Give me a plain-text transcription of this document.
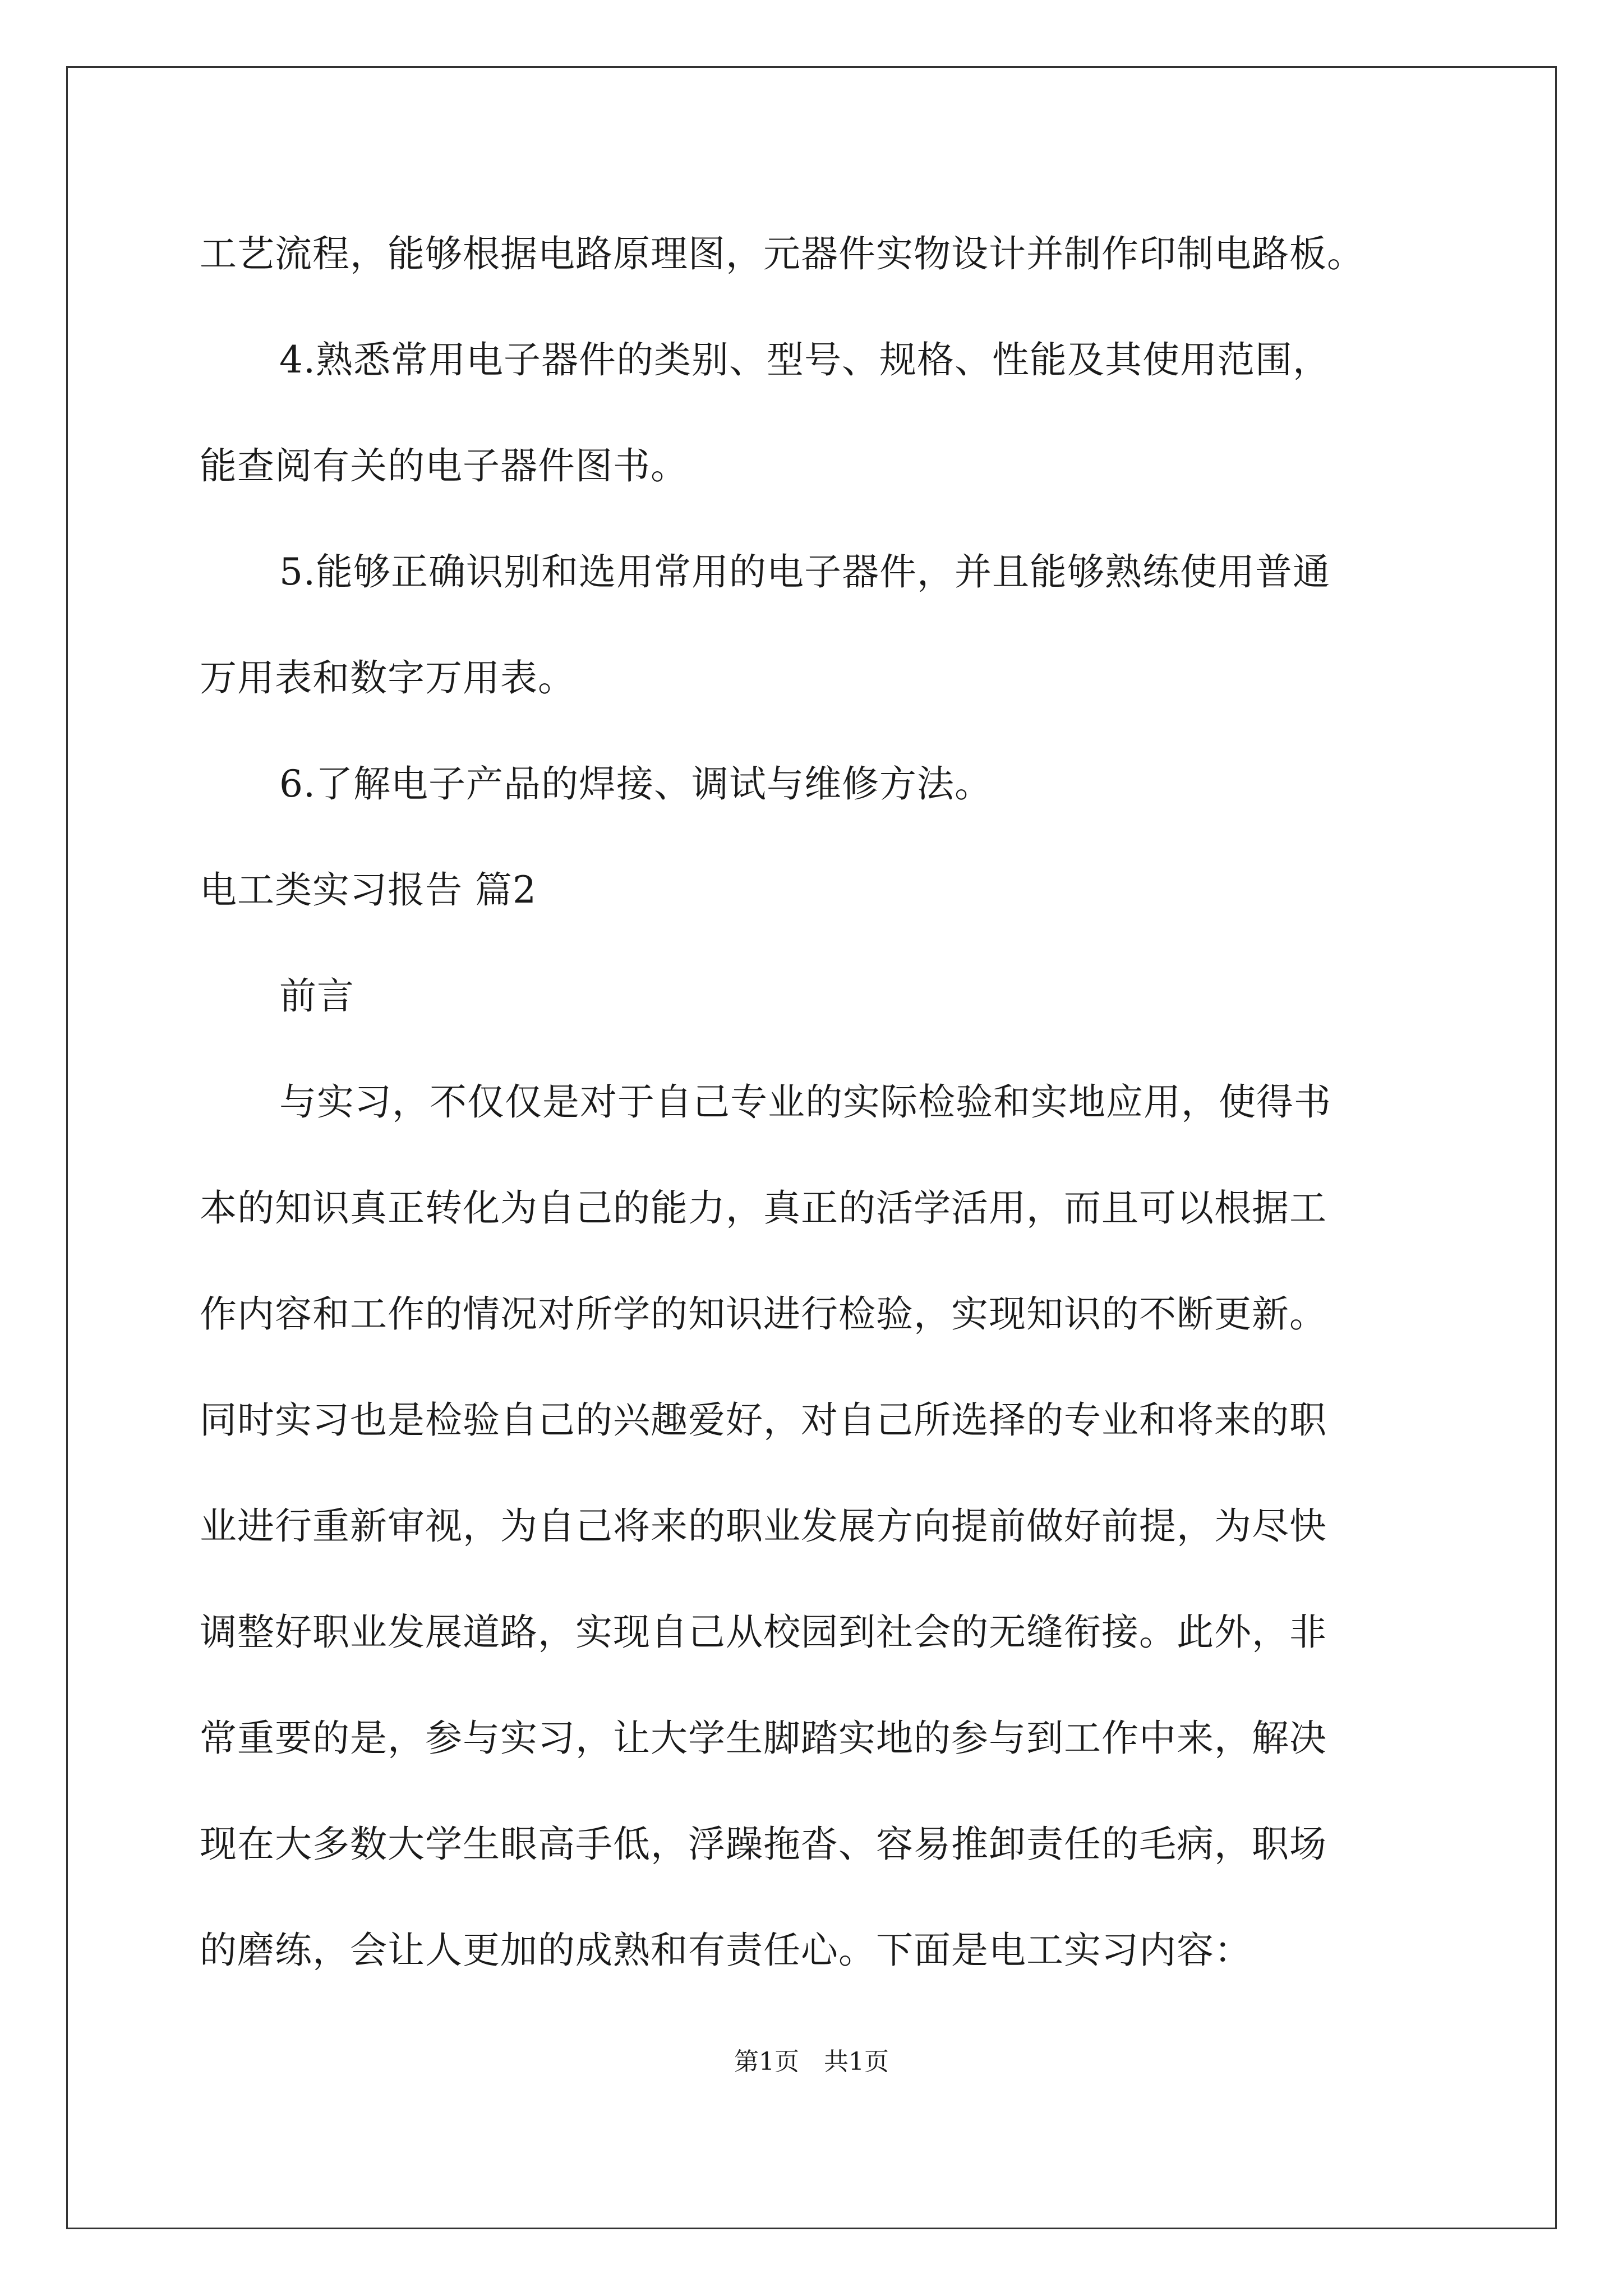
工艺流程，能够根据电路原理图，元器件实物设计并制作印制电路板。
4.熟悉常用电子器件的类别、型号、规格、性能及其使用范围，
能查阅有关的电子器件图书。
5.能够正确识别和选用常用的电子器件，并且能够熟练使用普通
万用表和数字万用表。
6.了解电子产品的焊接、调试与维修方法。
电工类实习报告 篇2
前言
与实习，不仅仅是对于自己专业的实际检验和实地应用，使得书
本的知识真正转化为自己的能力，真正的活学活用，而且可以根据工
作内容和工作的情况对所学的知识进行检验，实现知识的不断更新。
同时实习也是检验自己的兴趣爱好，对自己所选择的专业和将来的职
业进行重新审视，为自己将来的职业发展方向提前做好前提，为尽快
调整好职业发展道路，实现自己从校园到社会的无缝衔接。此外，非
常重要的是，参与实习，让大学生脚踏实地的参与到工作中来，解决
现在大多数大学生眼高手低，浮躁拖沓、容易推卸责任的毛病，职场
的磨练，会让人更加的成熟和有责任心。下面是电工实习内容：
第1页　共1页
